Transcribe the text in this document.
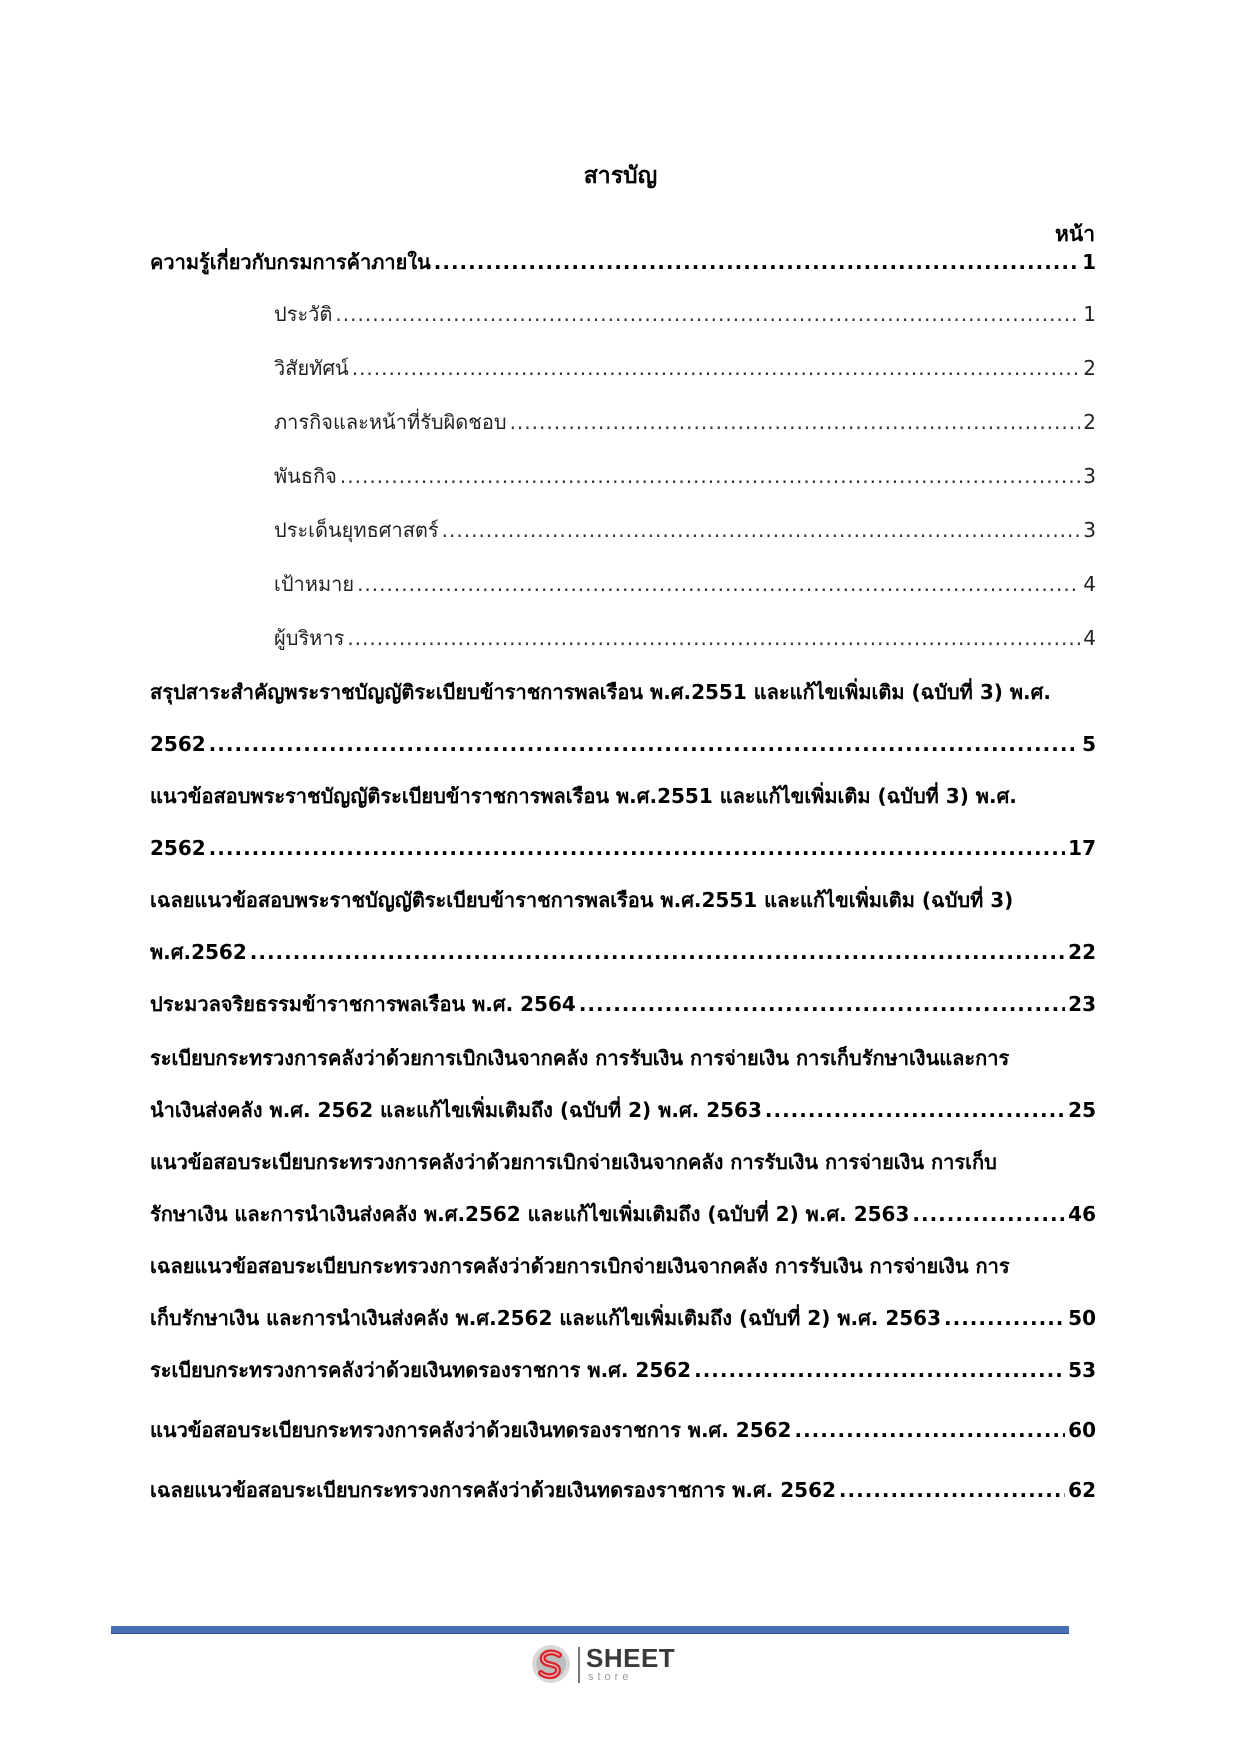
สารบัญ
หน้า
ความรู้เกี่ยวกับกรมการค้าภายใน .....	1
ประวัติ .....	1
วิสัยทัศน์ .....	2
ภารกิจและหน้าที่รับผิดชอบ .....	2
พันธกิจ .....	3
ประเด็นยุทธศาสตร์ .....	3
เป้าหมาย .....	4
ผู้บริหาร .....	4
สรุปสาระสำคัญพระราชบัญญัติระเบียบข้าราชการพลเรือน พ.ศ.2551 และแก้ไขเพิ่มเติม (ฉบับที่ 3) พ.ศ.
2562 .....	5
แนวข้อสอบพระราชบัญญัติระเบียบข้าราชการพลเรือน พ.ศ.2551 และแก้ไขเพิ่มเติม (ฉบับที่ 3) พ.ศ.
2562 .....	17
เฉลยแนวข้อสอบพระราชบัญญัติระเบียบข้าราชการพลเรือน พ.ศ.2551 และแก้ไขเพิ่มเติม (ฉบับที่ 3)
พ.ศ.2562 .....	22
ประมวลจริยธรรมข้าราชการพลเรือน พ.ศ. 2564 .....	23
ระเบียบกระทรวงการคลังว่าด้วยการเบิกเงินจากคลัง การรับเงิน การจ่ายเงิน การเก็บรักษาเงินและการ
นำเงินส่งคลัง พ.ศ. 2562 และแก้ไขเพิ่มเติมถึง (ฉบับที่ 2) พ.ศ. 2563 .....	25
แนวข้อสอบระเบียบกระทรวงการคลังว่าด้วยการเบิกจ่ายเงินจากคลัง การรับเงิน การจ่ายเงิน การเก็บ
รักษาเงิน และการนำเงินส่งคลัง พ.ศ.2562 และแก้ไขเพิ่มเติมถึง (ฉบับที่ 2) พ.ศ. 2563 .....	46
เฉลยแนวข้อสอบระเบียบกระทรวงการคลังว่าด้วยการเบิกจ่ายเงินจากคลัง การรับเงิน การจ่ายเงิน การ
เก็บรักษาเงิน และการนำเงินส่งคลัง พ.ศ.2562 และแก้ไขเพิ่มเติมถึง (ฉบับที่ 2) พ.ศ. 2563 .....	50
ระเบียบกระทรวงการคลังว่าด้วยเงินทดรองราชการ พ.ศ. 2562 .....	53
แนวข้อสอบระเบียบกระทรวงการคลังว่าด้วยเงินทดรองราชการ พ.ศ. 2562 .....	60
เฉลยแนวข้อสอบระเบียบกระทรวงการคลังว่าด้วยเงินทดรองราชการ พ.ศ. 2562 .....	62
SHEET
store
